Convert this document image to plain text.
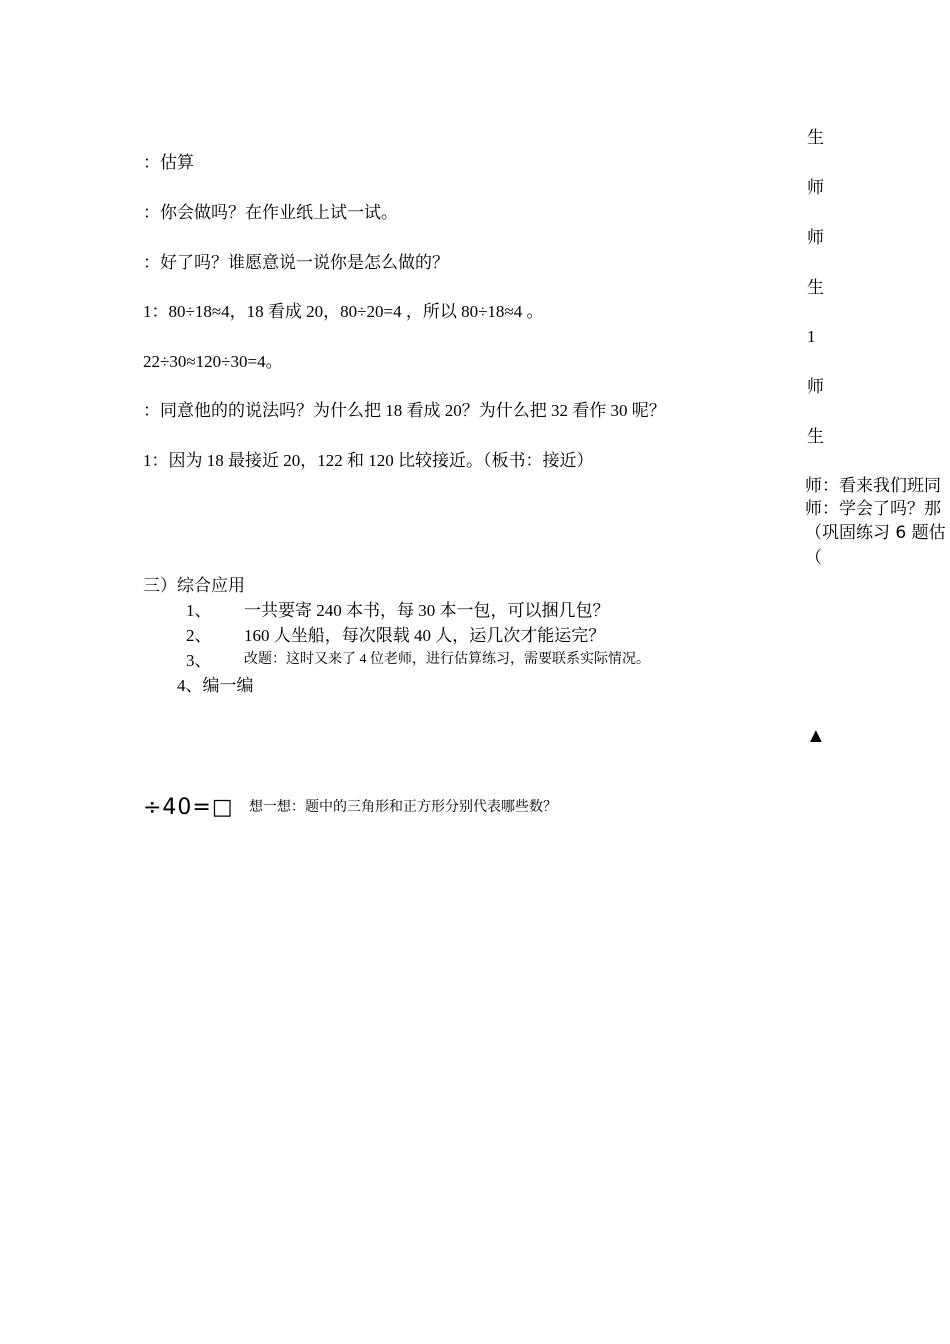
：估算
：你会做吗？在作业纸上试一试。
：好了吗？谁愿意说一说你是怎么做的？
1：80÷18≈4，18 看成 20，80÷20=4 ，所以 80÷18≈4 。
22÷30≈120÷30=4。
：同意他的的说法吗？为什么把 18 看成 20？为什么把 32 看作 30 呢？
1：因为 18 最接近 20，122 和 120 比较接近。（板书：接近）
三）综合应用
1、 一共要寄 240 本书，每 30 本一包，可以捆几包？
2、 160 人坐船，每次限载 40 人，运几次才能运完？
3、 改题：这时又来了 4 位老师，进行估算练习，需要联系实际情况。
4、编一编
÷40=□ 想一想：题中的三角形和正方形分别代表哪些数？
生
师
师
生
1
师
生
师：看来我们班同
师：学会了吗？那
（巩固练习 6 题估
（
▲
